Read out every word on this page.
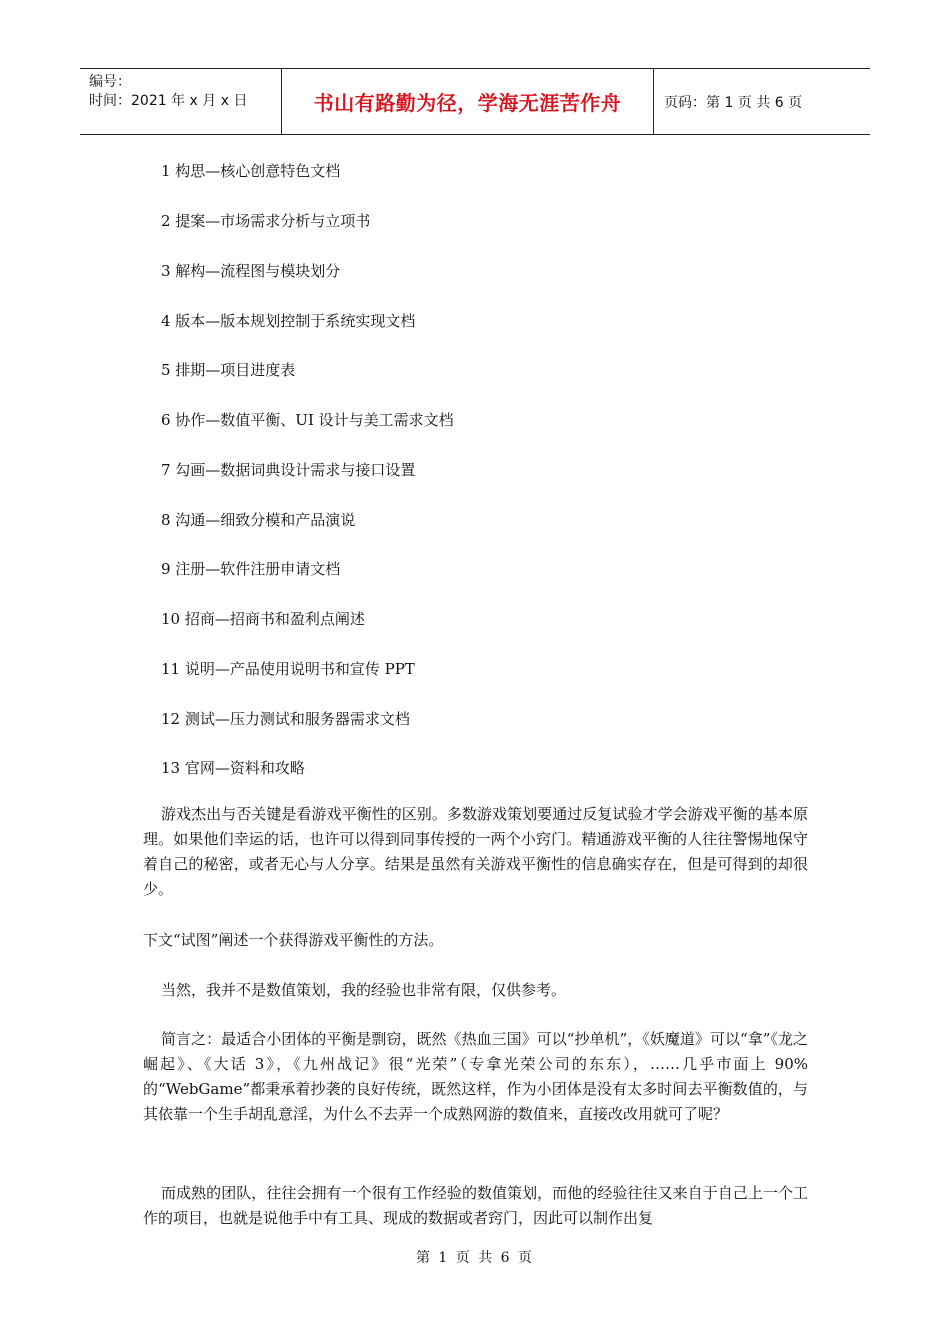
编号：
时间：2021 年 x 月 x 日	书山有路勤为径，学海无涯苦作舟	页码：第 1 页 共 6 页
1 构思—核心创意特色文档
2 提案—市场需求分析与立项书
3 解构—流程图与模块划分
4 版本—版本规划控制于系统实现文档
5 排期—项目进度表
6 协作—数值平衡、UI 设计与美工需求文档
7 勾画—数据词典设计需求与接口设置
8 沟通—细致分模和产品演说
9 注册—软件注册申请文档
10 招商—招商书和盈利点阐述
11 说明—产品使用说明书和宣传 PPT
12 测试—压力测试和服务器需求文档
13 官网—资料和攻略
游戏杰出与否关键是看游戏平衡性的区别。多数游戏策划要通过反复试验才学会游戏平衡的基本原理。如果他们幸运的话，也许可以得到同事传授的一两个小窍门。精通游戏平衡的人往往警惕地保守着自己的秘密，或者无心与人分享。结果是虽然有关游戏平衡性的信息确实存在，但是可得到的却很少。
下文“试图”阐述一个获得游戏平衡性的方法。
当然，我并不是数值策划，我的经验也非常有限，仅供参考。
简言之：最适合小团体的平衡是剽窃，既然《热血三国》可以“抄单机”，《妖魔道》可以“拿”《龙之崛起》、《大话 3》，《九州战记》很“光荣”（专拿光荣公司的东东），……几乎市面上 90%的“WebGame”都秉承着抄袭的良好传统，既然这样，作为小团体是没有太多时间去平衡数值的，与其依靠一个生手胡乱意淫，为什么不去弄一个成熟网游的数值来，直接改改用就可了呢？
而成熟的团队，往往会拥有一个很有工作经验的数值策划，而他的经验往往又来自于自己上一个工作的项目，也就是说他手中有工具、现成的数据或者窍门，因此可以制作出复
第 1 页 共 6 页
